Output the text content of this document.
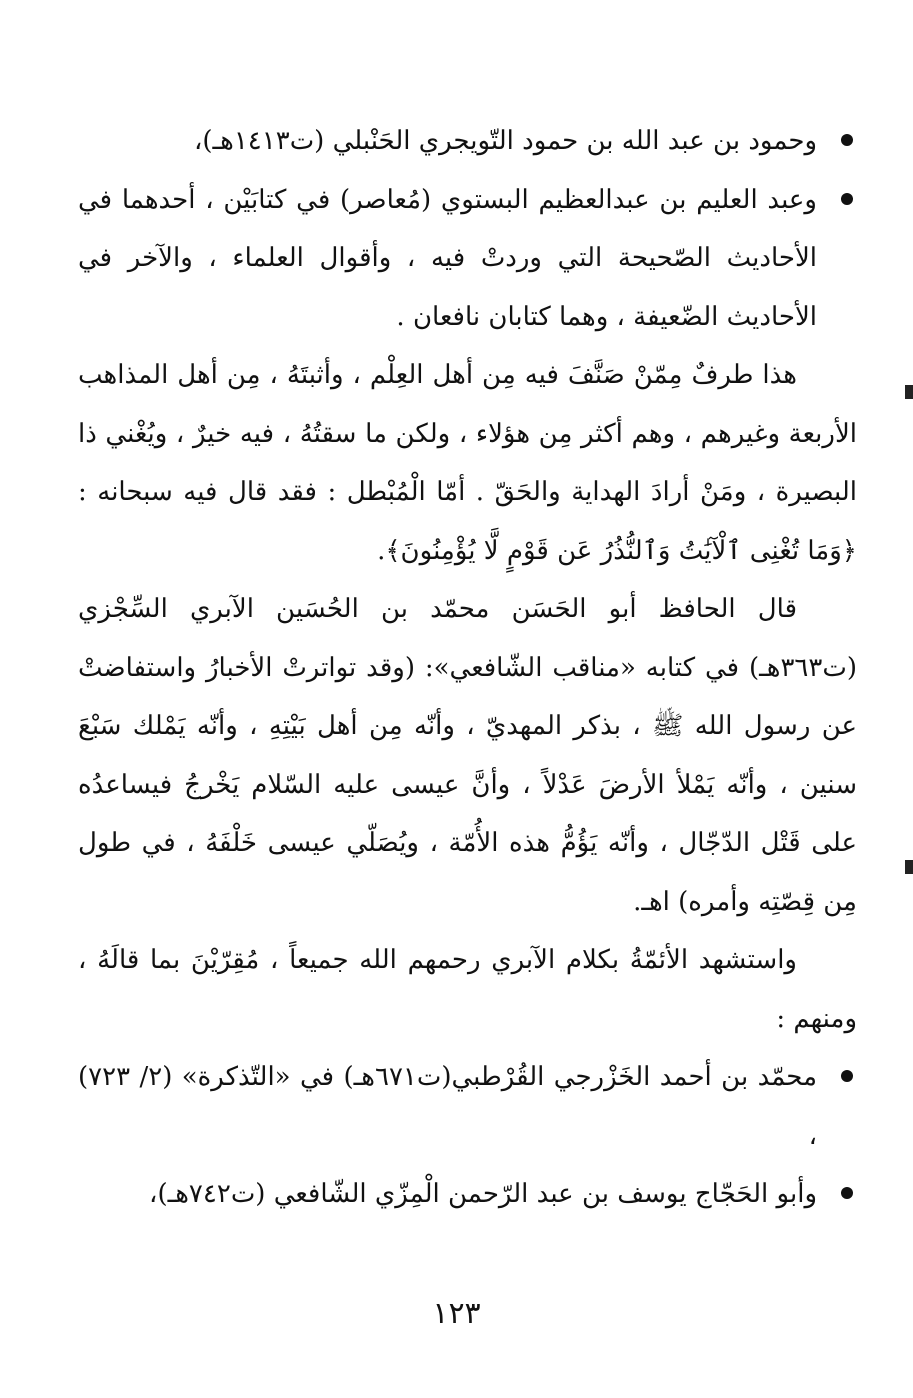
وحمود بن عبد الله بن حمود التّويجري الحَنْبلي (ت١٤١٣هـ)،

وعبد العليم بن عبدالعظيم البستوي (مُعاصر) في كتابَيْن ، أحدهما في الأحاديث الصّحيحة التي وردتْ فيه ، وأقوال العلماء ، والآخر في الأحاديث الضّعيفة ، وهما كتابان نافعان .

هذا طرفٌ مِمّنْ صَنَّفَ فيه مِن أهل العِلْم ، وأثبتَهُ ، مِن أهل المذاهب الأربعة وغيرهم ، وهم أكثر مِن هؤلاء ، ولكن ما سقتُهُ ، فيه خيرٌ ، ويُغْني ذا البصيرة ، ومَنْ أرادَ الهداية والحَقّ . أمّا الْمُبْطل : فقد قال فيه سبحانه : ﴿وَمَا تُغْنِى ٱلْآيَٰتُ وَٱلنُّذُرُ عَن قَوْمٍ لَّا يُؤْمِنُونَ﴾.

قال الحافظ أبو الحَسَن محمّد بن الحُسَين الآبري السِّجْزي (ت٣٦٣هـ) في كتابه «مناقب الشّافعي»: (وقد تواترتْ الأخبارُ واستفاضتْ عن رسول الله ﷺ ، بذكر المهديّ ، وأنّه مِن أهل بَيْتِهِ ، وأنّه يَمْلك سَبْعَ سنين ، وأنّه يَمْلأ الأرضَ عَدْلاً ، وأنَّ عيسى عليه السّلام يَخْرجُ فيساعدُه على قَتْل الدّجّال ، وأنّه يَؤُمُّ هذه الأُمّة ، ويُصَلّي عيسى خَلْفَهُ ، في طول مِن قِصّتِه وأمره) اهـ.

واستشهد الأئمّةُ بكلام الآبري رحمهم الله جميعاً ، مُقِرّيْنَ بما قالَهُ ، ومنهم :

محمّد بن أحمد الخَزْرجي القُرْطبي(ت٦٧١هـ) في «التّذكرة» (٢/ ٧٢٣) ،

وأبو الحَجّاج يوسف بن عبد الرّحمن الْمِزّي الشّافعي (ت٧٤٢هـ)،

١٢٣
